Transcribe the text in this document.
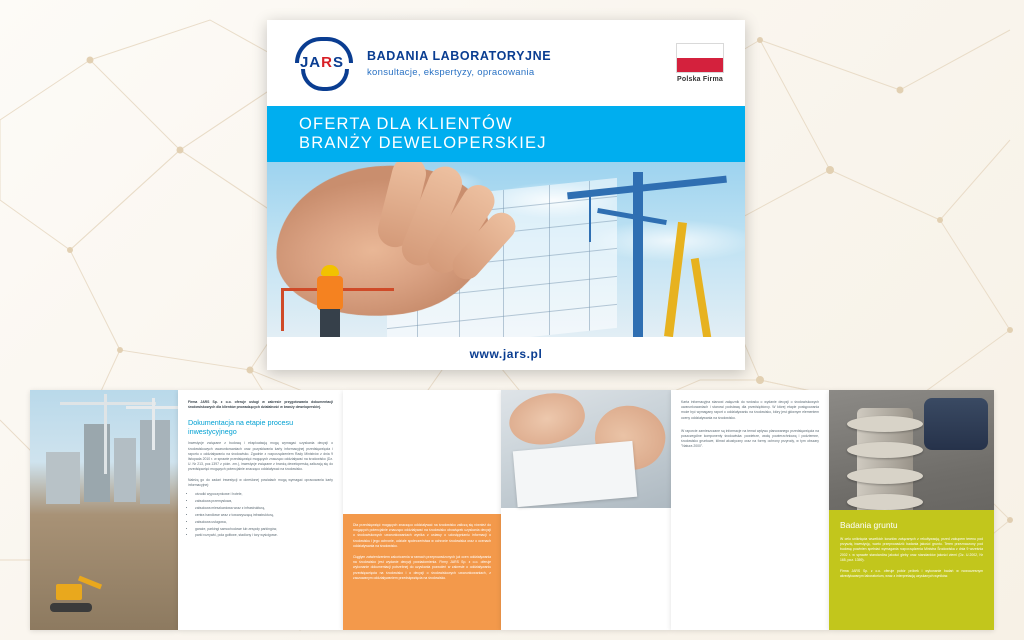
JARS	BADANIA LABORATORYJNE
konsultacje, ekspertyzy, opracowania
Polska Firma
OFERTA DLA KLIENTÓW
BRANŻY DEWELOPERSKIEJ
www.jars.pl
Firma JARS Sp. z o.o. oferuje usługi w zakresie przygotowania dokumentacji środowiskowych dla klientów prowadzących działalność w branży deweloperskiej.
Dokumentacja na etapie procesu inwestycyjnego
Inwestycje związane z budową i eksploatacją mogą wymagać uzyskania decyzji o środowiskowych uwarunkowaniach oraz pozyskiwania karty informacyjnej przedsięwzięcia i raportu o oddziaływaniu na środowisko. Zgodnie z rozporządzeniem Rady Ministrów z dnia 9 listopada 2010 r. w sprawie przedsięwzięć mogących znacząco oddziaływać na środowisko (Dz. U. Nr 213, poz.1397 z późn. zm.), inwestycje związane z branżą deweloperską zaliczają się do przedsięwzięć mogących potencjalnie znacząco oddziaływać na środowisko.
Należą go do zadań inwestycji w określonej powiatach mogą wymagać opracowania karty informacyjnej:
• ośrodki wypoczynkowe i hotele,
• zabudowa przemysłowa,
• zabudowa mieszkaniowa wraz z infrastrukturą,
• centra handlowe wraz z towarzyszącą infrastrukturą,
• zabudowa usługowa,
• garaże, parkingi samochodowe lub zespoły parkingów,
• parki rozrywki, pola golfowe, stadiony i tory wyścigowe.
Dla przedsięwzięć mogących znacząco oddziaływać na środowisko zaliczą się również do mogących potencjalnie znacząco oddziaływać na środowisko obowiązek uzyskania decyzji o środowiskowych uwarunkowaniach wynika z ustawy o udostępnianiu informacji o środowisku i jego ochronie, udziale społeczeństwa w ochronie środowiska oraz o ocenach oddziaływania na środowisko.
Ciągłym zatwierdzeniem zakończenia w ramach przeprowadzonych już ocen oddziaływania na środowisko jest wydanie decyzji powiadomienia. Firmy JARS Sp. z o.o. oferuje wykonanie dokumentacji potrzebnej do uzyskania pozwoleń w zakresie o oddziaływaniu przedsięwzięcia na środowisko i o decyzji o środowiskowych uwarunkowaniach, z zaczuwanym oddziaływaniem przedsięwzięcia na środowisko.
Karta informacyjna stanowi załącznik do wniosku o wydanie decyzji o środowiskowych uwarunkowaniach i stanowi podstawę dla przedsiębiorcy. W której etapie postępowania może być wymagany raport o oddziaływaniu na środowisko, który jest głównym elementem oceny oddziaływania na środowisko.
W raporcie zamieszczane są informacje na temat wpływu planowanego przedsięwzięcia na poszczególne komponenty środowiska: powietrze, wodę powierzchniową i podziemne, środowisko gruntowe, klimat akustyczny oraz na formy ochrony przyrody, w tym obszary "Natura 2000".
Badania gruntu
W celu uniknięcia wszelkich kosztów związanych z rekultywacją, przed zakupem terenu pod przyszłą inwestycję, warto przeprowadzić badania jakości gruntu. Teren przeznaczony pod budowę powinien spełniać wymagania rozporządzenia Ministra Środowiska z dnia 9 września 2002 r. w sprawie standardów jakości gleby oraz standardów jakości ziemi (Dz. U.2002, Nr 165, poz. 1359).
Firma JARS Sp. z o.o. oferuje pobór próbek i wykonanie badań w nowoczesnym akredytowanym laboratorium, wraz z interpretacją uzyskanych wyników.
